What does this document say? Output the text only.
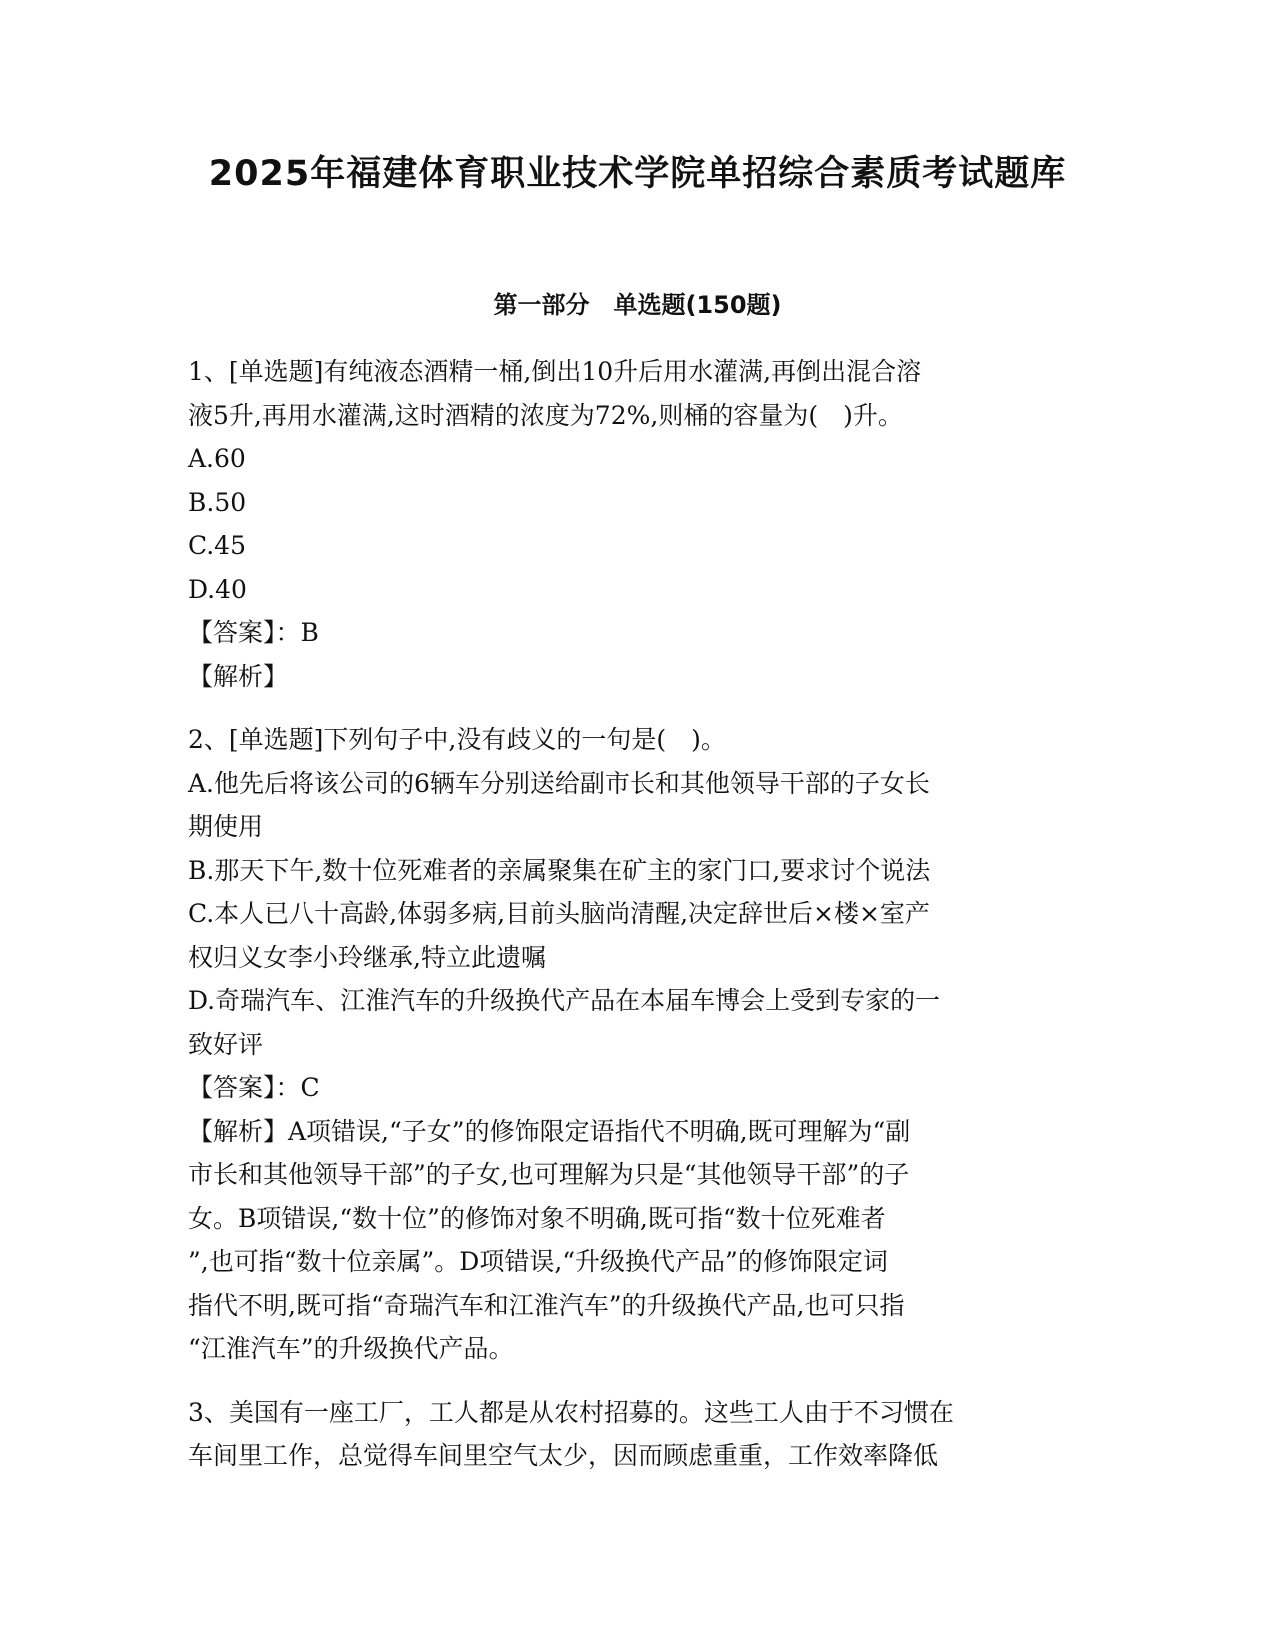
2025年福建体育职业技术学院单招综合素质考试题库
第一部分　单选题(150题)
1、[单选题]有纯液态酒精一桶,倒出10升后用水灌满,再倒出混合溶
液5升,再用水灌满,这时酒精的浓度为72%,则桶的容量为(　)升。
A.60
B.50
C.45
D.40
【答案】：B
【解析】
2、[单选题]下列句子中,没有歧义的一句是(　)。
A.他先后将该公司的6辆车分别送给副市长和其他领导干部的子女长
期使用
B.那天下午,数十位死难者的亲属聚集在矿主的家门口,要求讨个说法
C.本人已八十高龄,体弱多病,目前头脑尚清醒,决定辞世后×楼×室产
权归义女李小玲继承,特立此遗嘱
D.奇瑞汽车、江淮汽车的升级换代产品在本届车博会上受到专家的一
致好评
【答案】：C
【解析】A项错误,“子女”的修饰限定语指代不明确,既可理解为“副
市长和其他领导干部”的子女,也可理解为只是“其他领导干部”的子
女。B项错误,“数十位”的修饰对象不明确,既可指“数十位死难者
”,也可指“数十位亲属”。D项错误,“升级换代产品”的修饰限定词
指代不明,既可指“奇瑞汽车和江淮汽车”的升级换代产品,也可只指
“江淮汽车”的升级换代产品。
3、美国有一座工厂，工人都是从农村招募的。这些工人由于不习惯在
车间里工作，总觉得车间里空气太少，因而顾虑重重，工作效率降低
